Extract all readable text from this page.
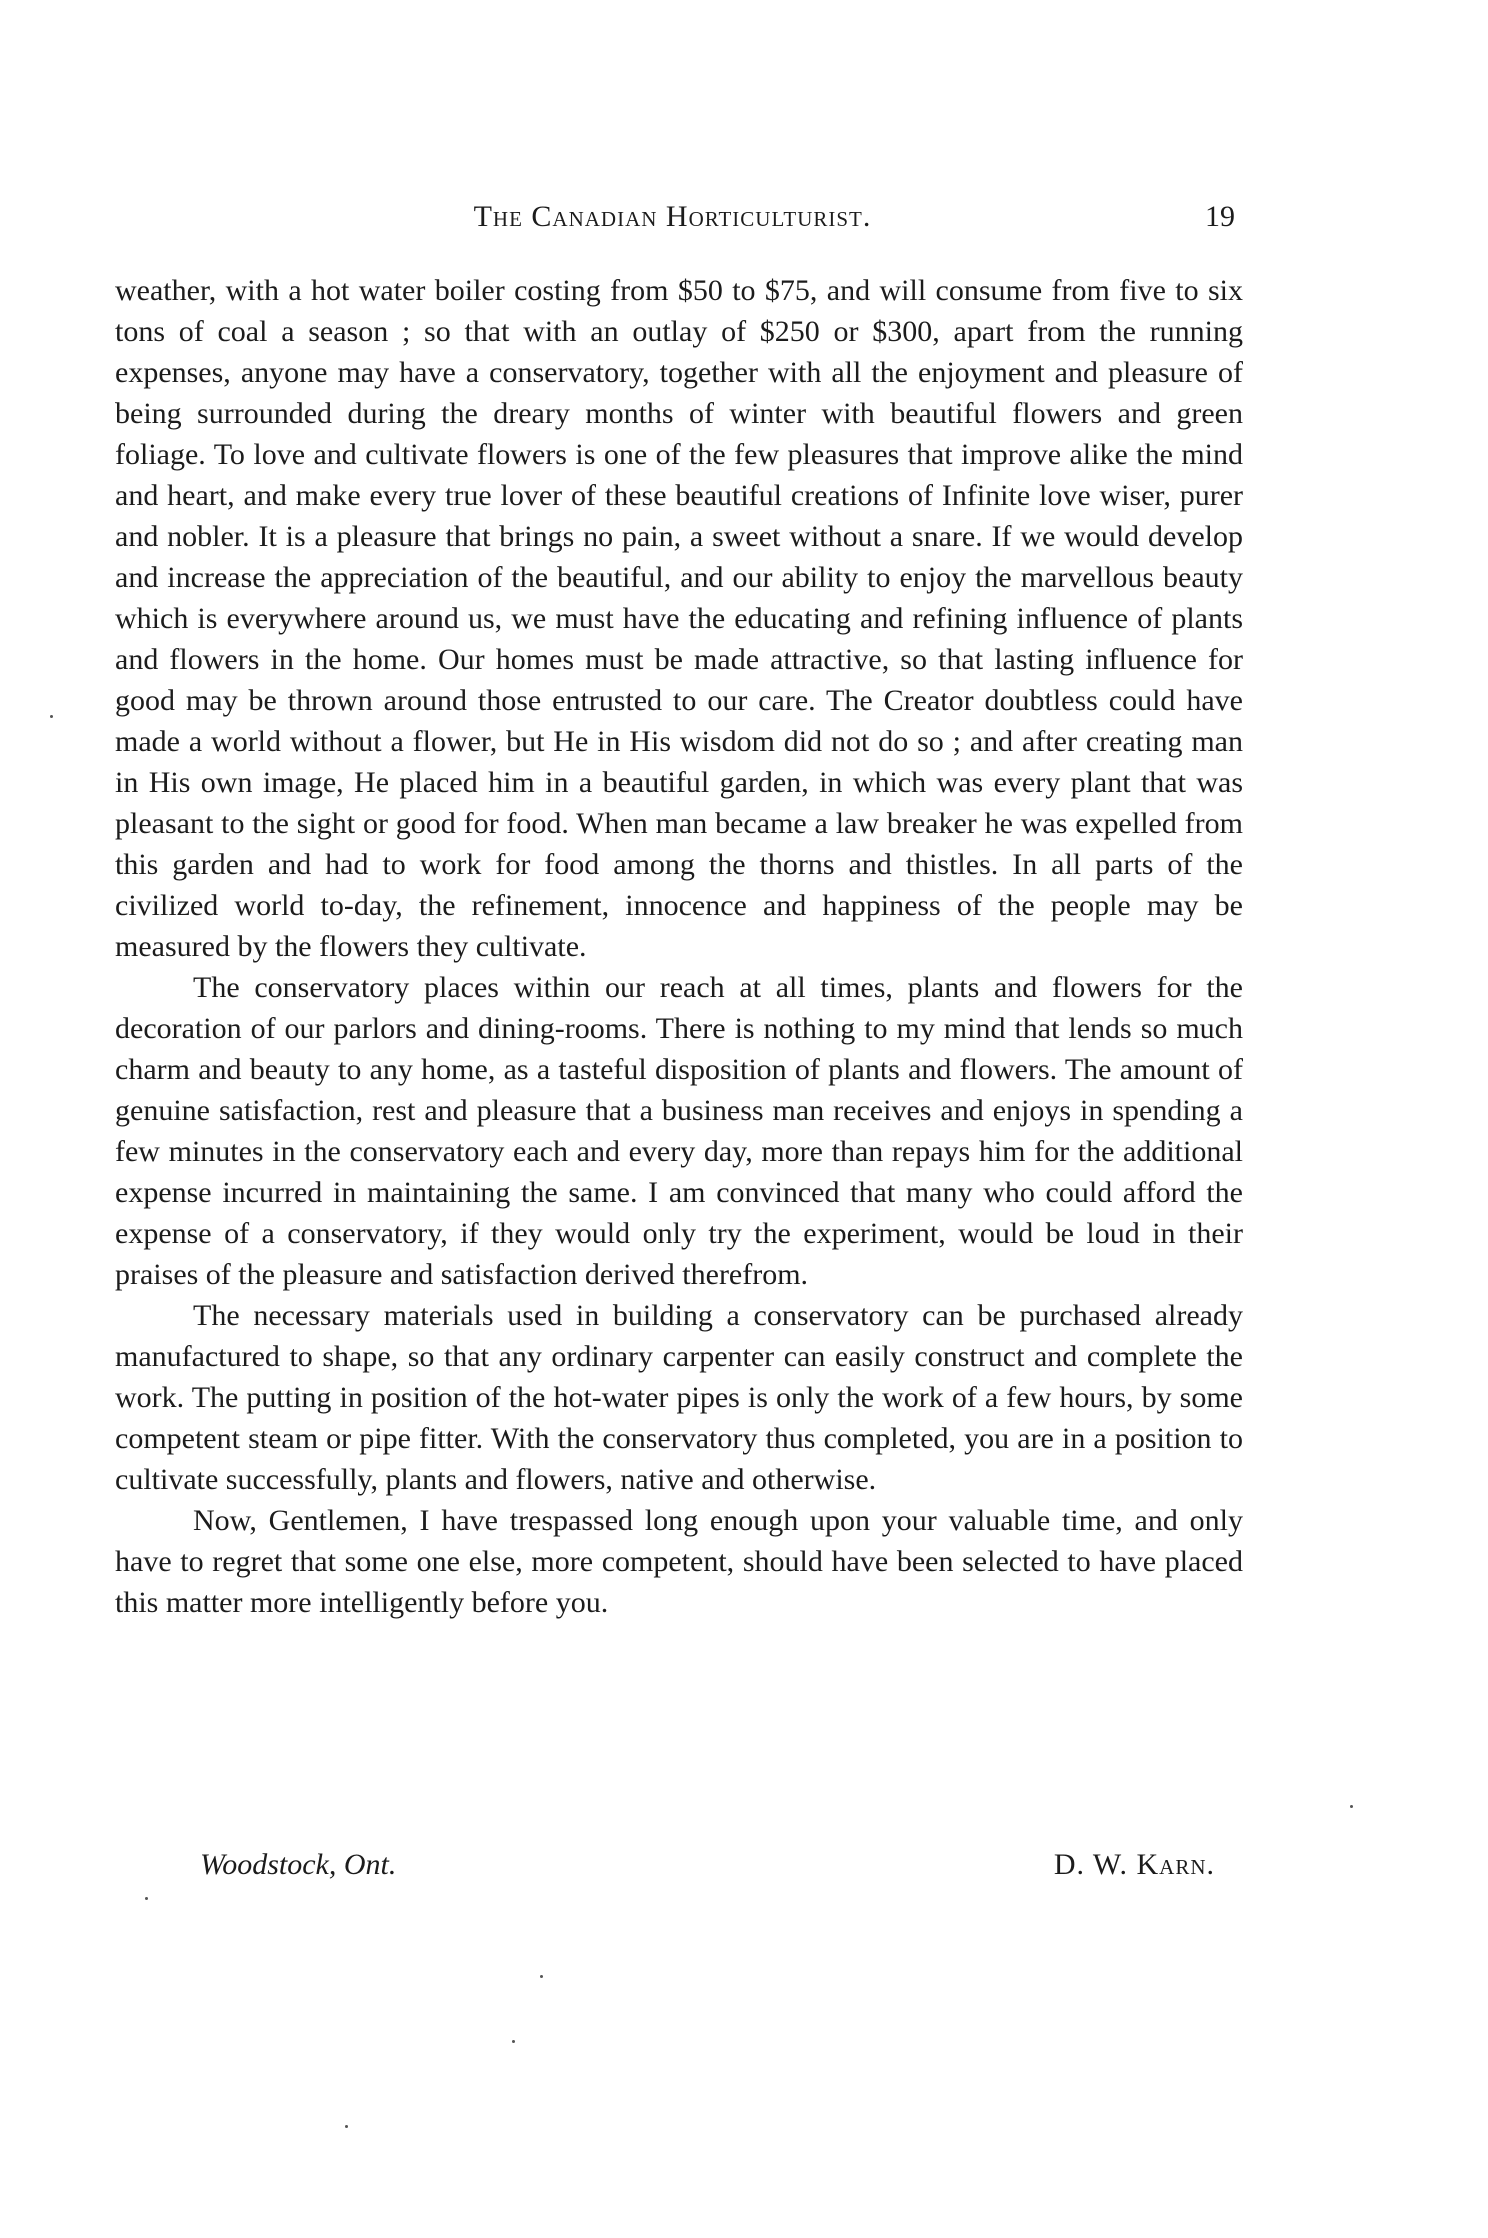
The Canadian Horticulturist.	19

weather, with a hot water boiler costing from $50 to $75, and will consume from five to six tons of coal a season ; so that with an outlay of $250 or $300, apart from the running expenses, anyone may have a conservatory, together with all the enjoyment and pleasure of being surrounded during the dreary months of winter with beautiful flowers and green foliage. To love and cultivate flowers is one of the few pleasures that improve alike the mind and heart, and make every true lover of these beautiful creations of Infinite love wiser, purer and nobler. It is a pleasure that brings no pain, a sweet without a snare. If we would develop and increase the appreciation of the beautiful, and our ability to enjoy the marvellous beauty which is everywhere around us, we must have the educating and refining influence of plants and flowers in the home. Our homes must be made attractive, so that lasting influence for good may be thrown around those entrusted to our care. The Creator doubtless could have made a world without a flower, but He in His wisdom did not do so ; and after creating man in His own image, He placed him in a beautiful garden, in which was every plant that was pleasant to the sight or good for food. When man became a law breaker he was expelled from this garden and had to work for food among the thorns and thistles. In all parts of the civilized world to-day, the refinement, innocence and happiness of the people may be measured by the flowers they cultivate.

The conservatory places within our reach at all times, plants and flowers for the decoration of our parlors and dining-rooms. There is nothing to my mind that lends so much charm and beauty to any home, as a tasteful disposition of plants and flowers. The amount of genuine satisfaction, rest and pleasure that a business man receives and enjoys in spending a few minutes in the conservatory each and every day, more than repays him for the additional expense incurred in maintaining the same. I am convinced that many who could afford the expense of a conservatory, if they would only try the experiment, would be loud in their praises of the pleasure and satisfaction derived therefrom.

The necessary materials used in building a conservatory can be purchased already manufactured to shape, so that any ordinary carpenter can easily construct and complete the work. The putting in position of the hot-water pipes is only the work of a few hours, by some competent steam or pipe fitter. With the conservatory thus completed, you are in a position to cultivate successfully, plants and flowers, native and otherwise.

Now, Gentlemen, I have trespassed long enough upon your valuable time, and only have to regret that some one else, more competent, should have been selected to have placed this matter more intelligently before you.

Woodstock, Ont.	D. W. Karn.
